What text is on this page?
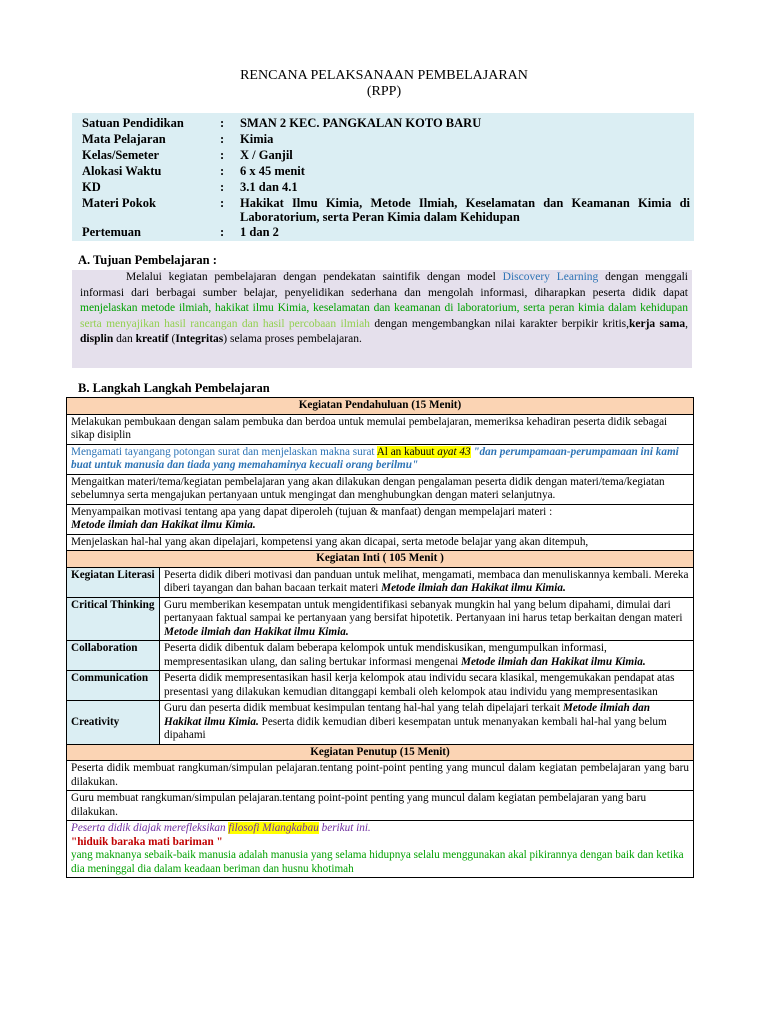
RENCANA PELAKSANAAN PEMBELAJARAN
(RPP)
Satuan Pendidikan	: SMAN 2 KEC. PANGKALAN KOTO BARU
Mata Pelajaran	: Kimia
Kelas/Semeter	: X / Ganjil
Alokasi Waktu	: 6 x 45 menit
KD	: 3.1 dan 4.1
Materi Pokok	: Hakikat Ilmu Kimia, Metode Ilmiah, Keselamatan dan Keamanan Kimia di Laboratorium, serta Peran Kimia dalam Kehidupan
Pertemuan	: 1 dan 2
A. Tujuan Pembelajaran :

Melalui kegiatan pembelajaran dengan pendekatan saintifik dengan model Discovery Learning dengan menggali informasi dari berbagai sumber belajar, penyelidikan sederhana dan mengolah informasi, diharapkan peserta didik dapat menjelaskan metode ilmiah, hakikat ilmu Kimia, keselamatan dan keamanan di laboratorium, serta peran kimia dalam kehidupan serta menyajikan hasil rancangan dan hasil percobaan ilmiah dengan mengembangkan nilai karakter berpikir kritis,kerja sama, displin dan kreatif (Integritas) selama proses pembelajaran.

B. Langkah Langkah Pembelajaran
Kegiatan Pendahuluan (15 Menit)	
Melakukan pembukaan dengan salam pembuka dan berdoa untuk memulai pembelajaran, memeriksa kehadiran peserta didik sebagai sikap disiplin	
Mengamati tayangang potongan surat dan menjelaskan makna surat Al an kabuut ayat 43 "dan perumpamaan-perumpamaan ini kami buat untuk manusia dan tiada yang memahaminya kecuali orang berilmu"	
Mengaitkan materi/tema/kegiatan pembelajaran yang akan dilakukan dengan pengalaman peserta didik dengan materi/tema/kegiatan sebelumnya serta mengajukan pertanyaan untuk mengingat dan menghubungkan dengan materi selanjutnya.	
Menyampaikan motivasi tentang apa yang dapat diperoleh (tujuan & manfaat) dengan mempelajari materi :
Metode ilmiah dan Hakikat ilmu Kimia.	
Menjelaskan hal-hal yang akan dipelajari, kompetensi yang akan dicapai, serta metode belajar yang akan ditempuh,	
Kegiatan Inti ( 105 Menit )	
Kegiatan Literasi	Peserta didik diberi motivasi dan panduan untuk melihat, mengamati, membaca dan menuliskannya kembali. Mereka diberi tayangan dan bahan bacaan terkait materi Metode ilmiah dan Hakikat ilmu Kimia.
Critical Thinking	Guru memberikan kesempatan untuk mengidentifikasi sebanyak mungkin hal yang belum dipahami, dimulai dari pertanyaan faktual sampai ke pertanyaan yang bersifat hipotetik. Pertanyaan ini harus tetap berkaitan dengan materi Metode ilmiah dan Hakikat ilmu Kimia.
Collaboration	Peserta didik dibentuk dalam beberapa kelompok untuk mendiskusikan, mengumpulkan informasi, mempresentasikan ulang, dan saling bertukar informasi mengenai Metode ilmiah dan Hakikat ilmu Kimia.
Communication	Peserta didik mempresentasikan hasil kerja kelompok atau individu secara klasikal, mengemukakan pendapat atas presentasi yang dilakukan kemudian ditanggapi kembali oleh kelompok atau individu yang mempresentasikan
Creativity	Guru dan peserta didik membuat kesimpulan tentang hal-hal yang telah dipelajari terkait Metode ilmiah dan Hakikat ilmu Kimia. Peserta didik kemudian diberi kesempatan untuk menanyakan kembali hal-hal yang belum dipahami
Kegiatan Penutup (15 Menit)	
Peserta didik membuat rangkuman/simpulan pelajaran.tentang point-point penting yang muncul dalam kegiatan pembelajaran yang baru dilakukan.	
Guru membuat rangkuman/simpulan pelajaran.tentang point-point penting yang muncul dalam kegiatan pembelajaran yang baru dilakukan.	
Peserta didik diajak merefleksikan filosofi Miangkabau berikut ini.
"hiduik baraka mati bariman "
yang maknanya sebaik-baik manusia adalah manusia yang selama hidupnya selalu menggunakan akal pikirannya dengan baik dan ketika dia meninggal dia dalam keadaan beriman dan husnu khotimah	
